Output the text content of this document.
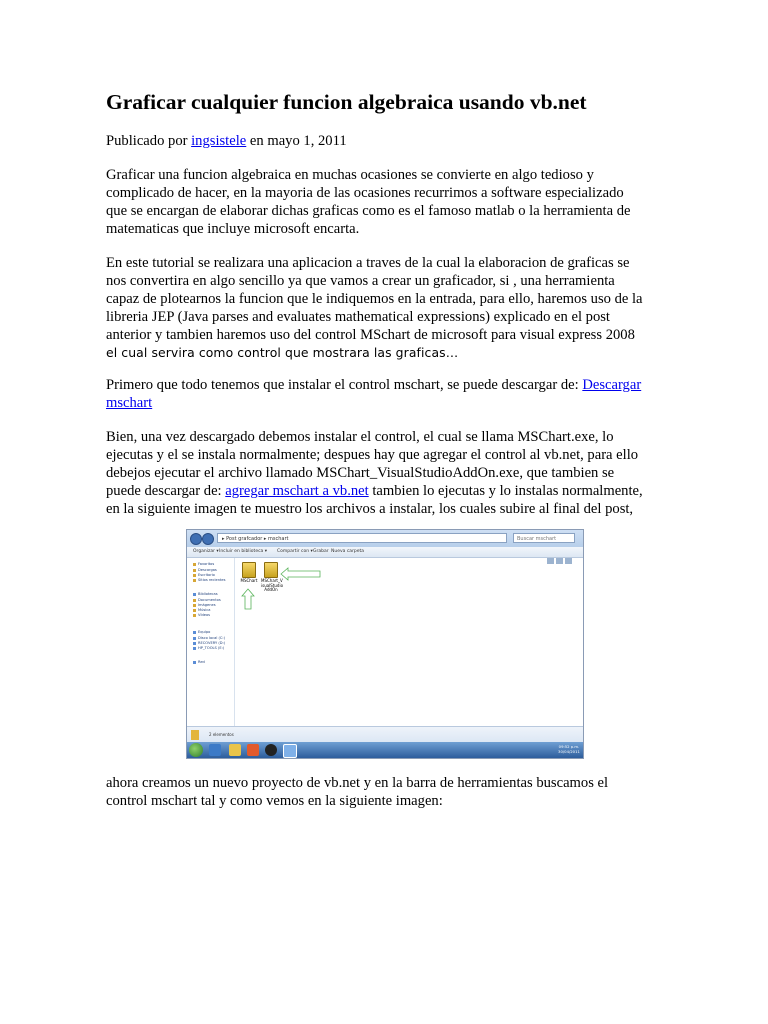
Graficar cualquier funcion algebraica usando vb.net

Publicado por ingsistele en mayo 1, 2011

Graficar una funcion algebraica en muchas ocasiones se convierte en algo tedioso y
complicado de hacer, en la mayoria de las ocasiones recurrimos a software especializado
que se encargan de elaborar dichas graficas como es el famoso matlab o la herramienta de
matematicas que incluye microsoft encarta.

En este tutorial se realizara una aplicacion a traves de la cual la elaboracion de graficas se
nos convertira en algo sencillo ya que vamos a crear un graficador, si , una herramienta
capaz de plotearnos la funcion que le indiquemos en la entrada, para ello, haremos uso de la
libreria JEP (Java parses and evaluates mathematical expressions) explicado en el post
anterior y tambien haremos uso del control MSchart de microsoft para visual express 2008
el cual servira como control que mostrara las graficas…

Primero que todo tenemos que instalar el control mschart, se puede descargar de: Descargar
mschart

Bien, una vez descargado debemos instalar el control, el cual se llama MSChart.exe, lo
ejecutas y el se instala normalmente; despues hay que agregar el control al vb.net, para ello
debejos ejecutar el archivo llamado MSChart_VisualStudioAddOn.exe, que tambien se
puede descargar de: agregar mschart a vb.net tambien lo ejecutas y lo instalas normalmente,
en la siguiente imagen te muestro los archivos a instalar, los cuales subire al final del post,

▸ Post grafcador ▸ mschart	Buscar mschart
Organizar ▾ Incluir en biblioteca ▾ Compartir con ▾ Grabar Nueva carpeta
Favoritos
Descargas
Escritorio
Sitios recientes
Bibliotecas
Documentos
Imágenes
Música
Vídeos
Equipo
Disco local (C:)
RECOVERY (D:)
HP_TOOLS (E:)
Red
MSChart MSChart_V isualStudio AddOn
2 elementos
09:52 p.m. 30/04/2011

ahora creamos un nuevo proyecto de vb.net y en la barra de herramientas buscamos el
control mschart tal y como vemos en la siguiente imagen:
